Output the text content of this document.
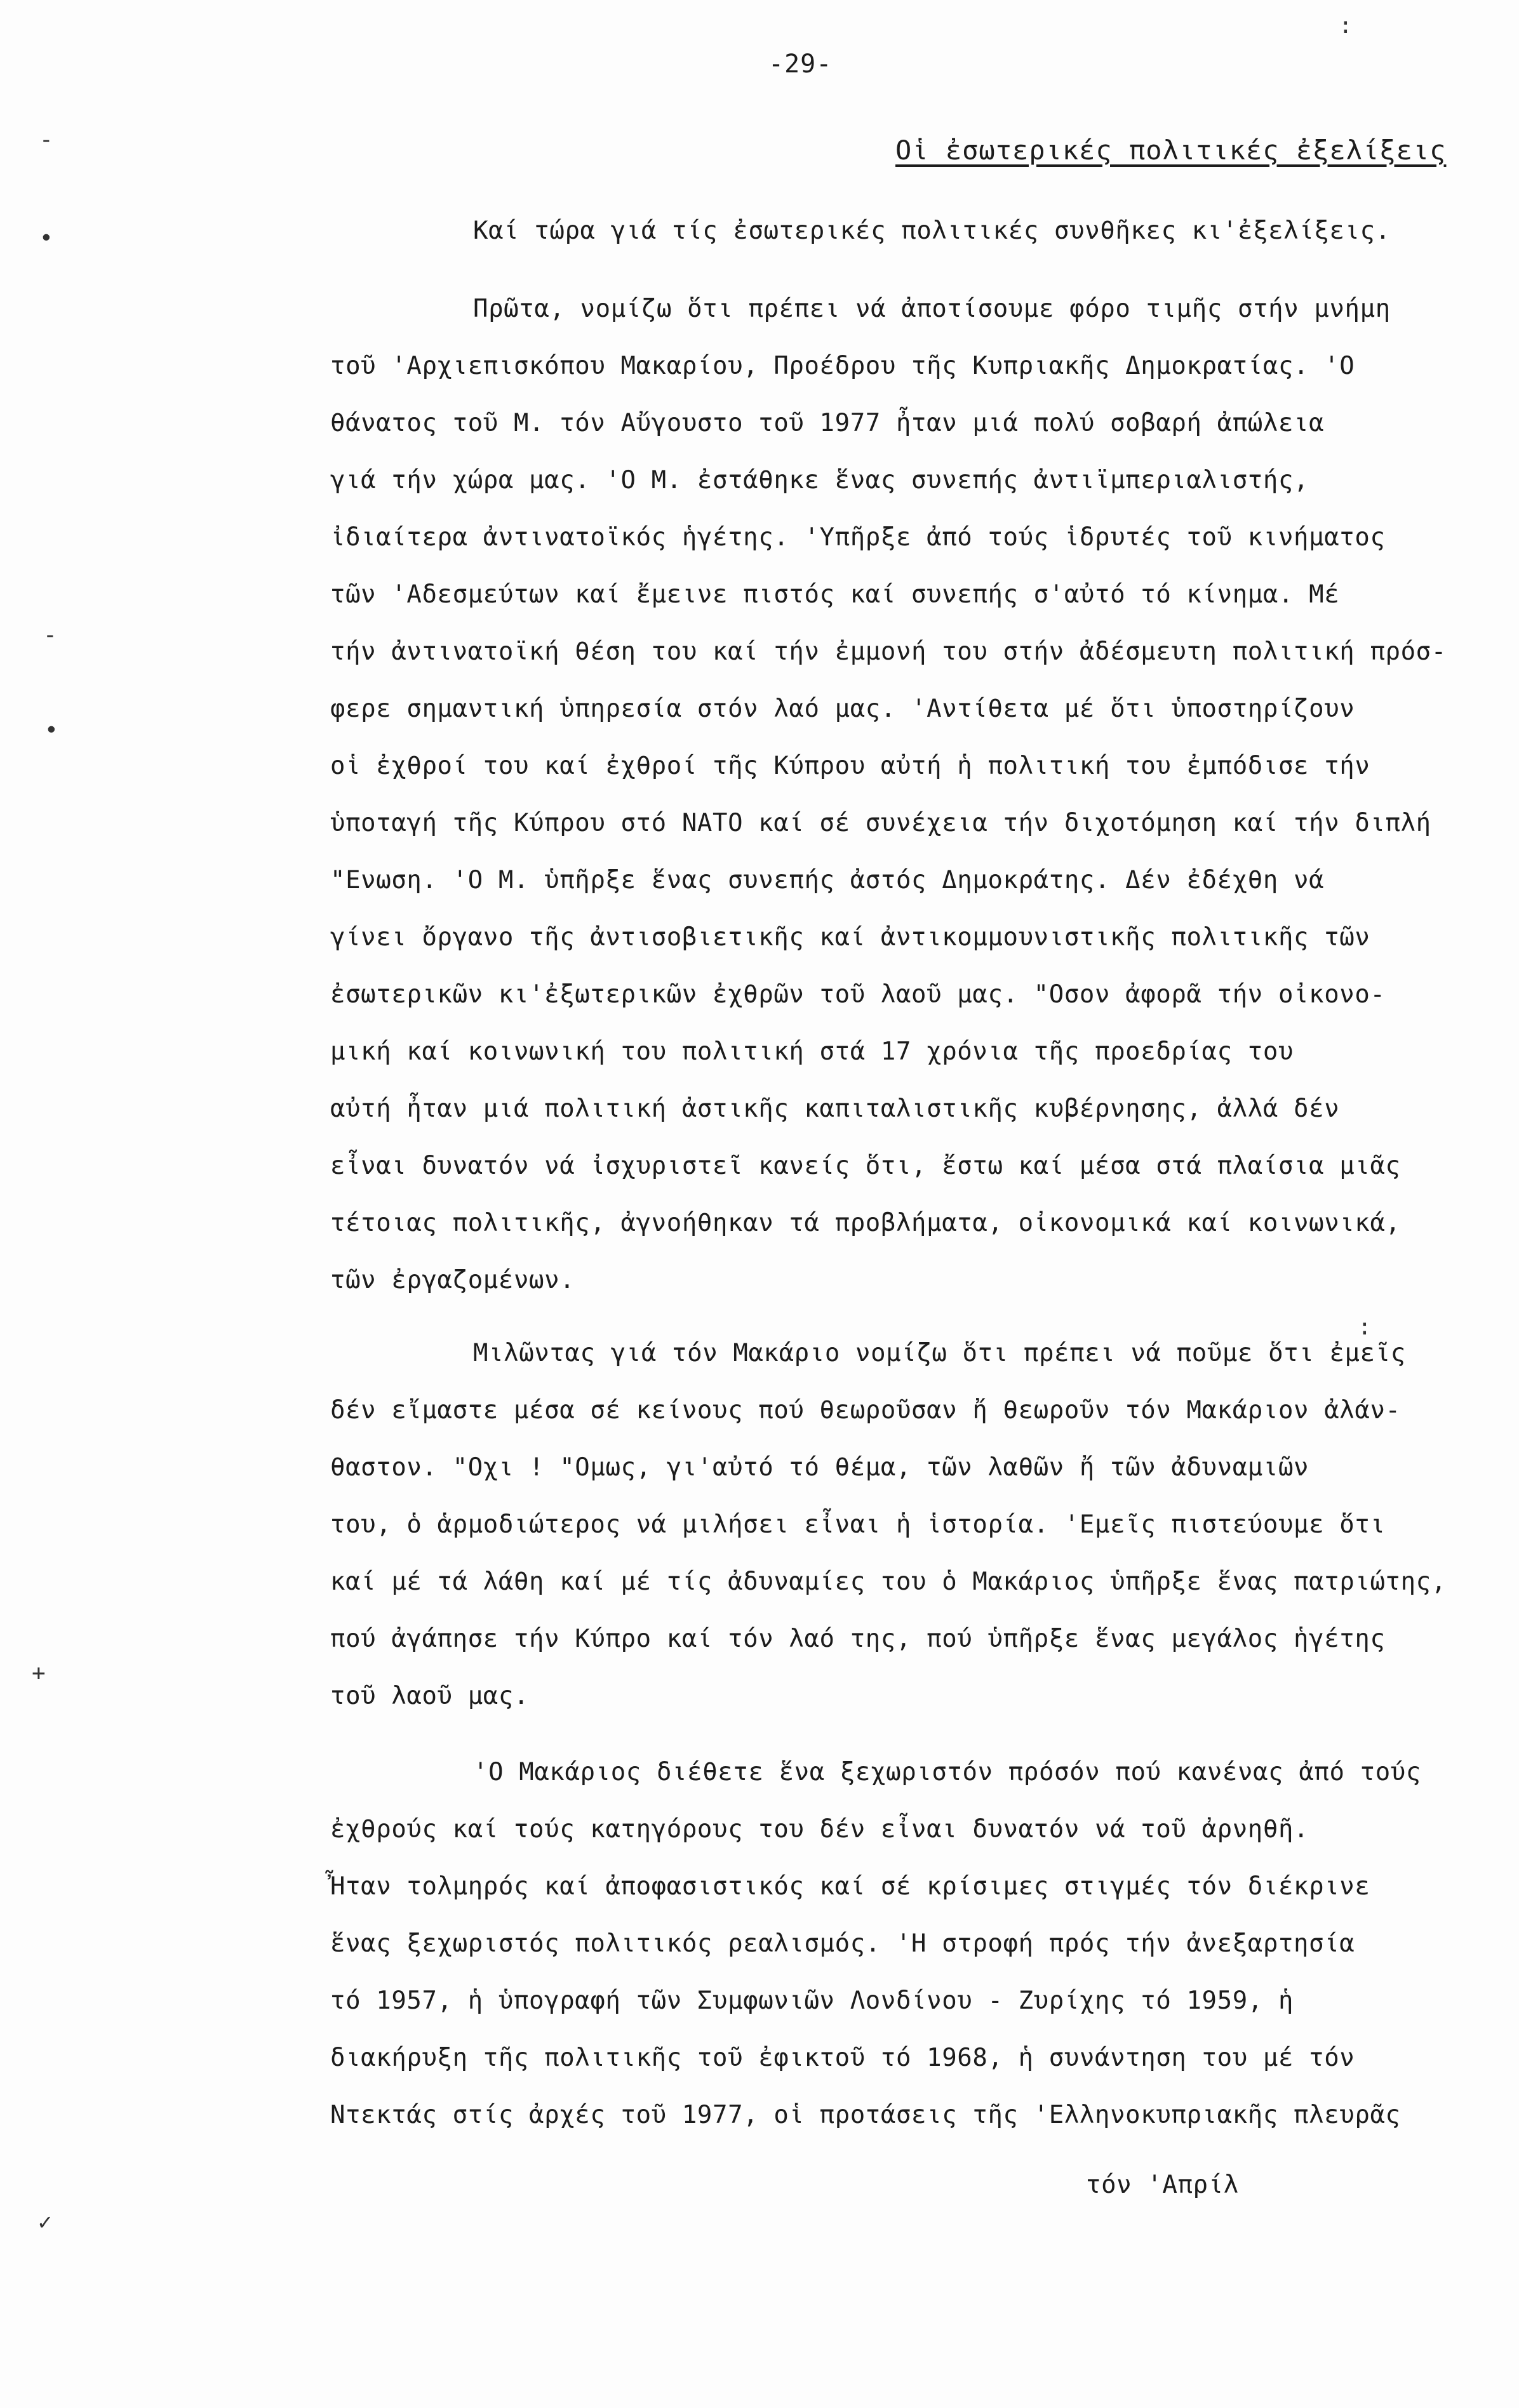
-29-
Οἱ ἐσωτερικές πολιτικές ἐξελίξεις
Καί τώρα γιά τίς ἐσωτερικές πολιτικές συνθῆκες κι'ἐξελίξεις.
Πρῶτα, νομίζω ὅτι πρέπει νά ἀποτίσουμε φόρο τιμῆς στήν μνήμη
τοῦ 'Αρχιεπισκόπου Μακαρίου, Προέδρου τῆς Κυπριακῆς Δημοκρατίας. 'Ο
θάνατος τοῦ Μ. τόν Αὔγουστο τοῦ 1977 ἦταν μιά πολύ σοβαρή ἀπώλεια
γιά τήν χώρα μας. 'Ο Μ. ἐστάθηκε ἕνας συνεπής ἀντιϊμπεριαλιστής,
ἰδιαίτερα ἀντινατοϊκός ἡγέτης. 'Υπῆρξε ἀπό τούς ἱδρυτές τοῦ κινήματος
τῶν 'Αδεσμεύτων καί ἔμεινε πιστός καί συνεπής σ'αὐτό τό κίνημα. Μέ
τήν ἀντινατοϊκή θέση του καί τήν ἐμμονή του στήν ἀδέσμευτη πολιτική πρόσ-
φερε σημαντική ὑπηρεσία στόν λαό μας. 'Αντίθετα μέ ὅτι ὑποστηρίζουν
οἱ ἐχθροί του καί ἐχθροί τῆς Κύπρου αὐτή ἡ πολιτική του ἐμπόδισε τήν
ὑποταγή τῆς Κύπρου στό ΝΑΤΟ καί σέ συνέχεια τήν διχοτόμηση καί τήν διπλή
"Ενωση. 'Ο Μ. ὑπῆρξε ἕνας συνεπής ἀστός Δημοκράτης. Δέν ἐδέχθη νά
γίνει ὄργανο τῆς ἀντισοβιετικῆς καί ἀντικομμουνιστικῆς πολιτικῆς τῶν
ἐσωτερικῶν κι'ἐξωτερικῶν ἐχθρῶν τοῦ λαοῦ μας. "Οσον ἀφορᾶ τήν οἰκονο-
μική καί κοινωνική του πολιτική στά 17 χρόνια τῆς προεδρίας του
αὐτή ἦταν μιά πολιτική ἀστικῆς καπιταλιστικῆς κυβέρνησης, ἀλλά δέν
εἶναι δυνατόν νά ἰσχυριστεῖ κανείς ὅτι, ἔστω καί μέσα στά πλαίσια μιᾶς
τέτοιας πολιτικῆς, ἀγνοήθηκαν τά προβλήματα, οἰκονομικά καί κοινωνικά,
τῶν ἐργαζομένων.
Μιλῶντας γιά τόν Μακάριο νομίζω ὅτι πρέπει νά ποῦμε ὅτι ἐμεῖς
δέν εἴμαστε μέσα σέ κείνους πού θεωροῦσαν ἤ θεωροῦν τόν Μακάριον ἀλάν-
θαστον. "Οχι ! "Ομως, γι'αὐτό τό θέμα, τῶν λαθῶν ἤ τῶν ἀδυναμιῶν
του, ὁ ἁρμοδιώτερος νά μιλήσει εἶναι ἡ ἱστορία. 'Εμεῖς πιστεύουμε ὅτι
καί μέ τά λάθη καί μέ τίς ἀδυναμίες του ὁ Μακάριος ὑπῆρξε ἕνας πατριώτης,
πού ἀγάπησε τήν Κύπρο καί τόν λαό της, πού ὑπῆρξε ἕνας μεγάλος ἡγέτης
τοῦ λαοῦ μας.
'Ο Μακάριος διέθετε ἕνα ξεχωριστόν πρόσόν πού κανένας ἀπό τούς
ἐχθρούς καί τούς κατηγόρους του δέν εἶναι δυνατόν νά τοῦ ἀρνηθῆ.
Ἦταν τολμηρός καί ἀποφασιστικός καί σέ κρίσιμες στιγμές τόν διέκρινε
ἕνας ξεχωριστός πολιτικός ρεαλισμός. 'Η στροφή πρός τήν ἀνεξαρτησία
τό 1957, ἡ ὑπογραφή τῶν Συμφωνιῶν Λονδίνου - Ζυρίχης τό 1959, ἡ
διακήρυξη τῆς πολιτικῆς τοῦ ἐφικτοῦ τό 1968, ἡ συνάντηση του μέ τόν
Ντεκτάς στίς ἀρχές τοῦ 1977, οἱ προτάσεις τῆς 'Ελληνοκυπριακῆς πλευρᾶς
τόν 'Απρίλ
-
•
-
•
+
✓
:
:
